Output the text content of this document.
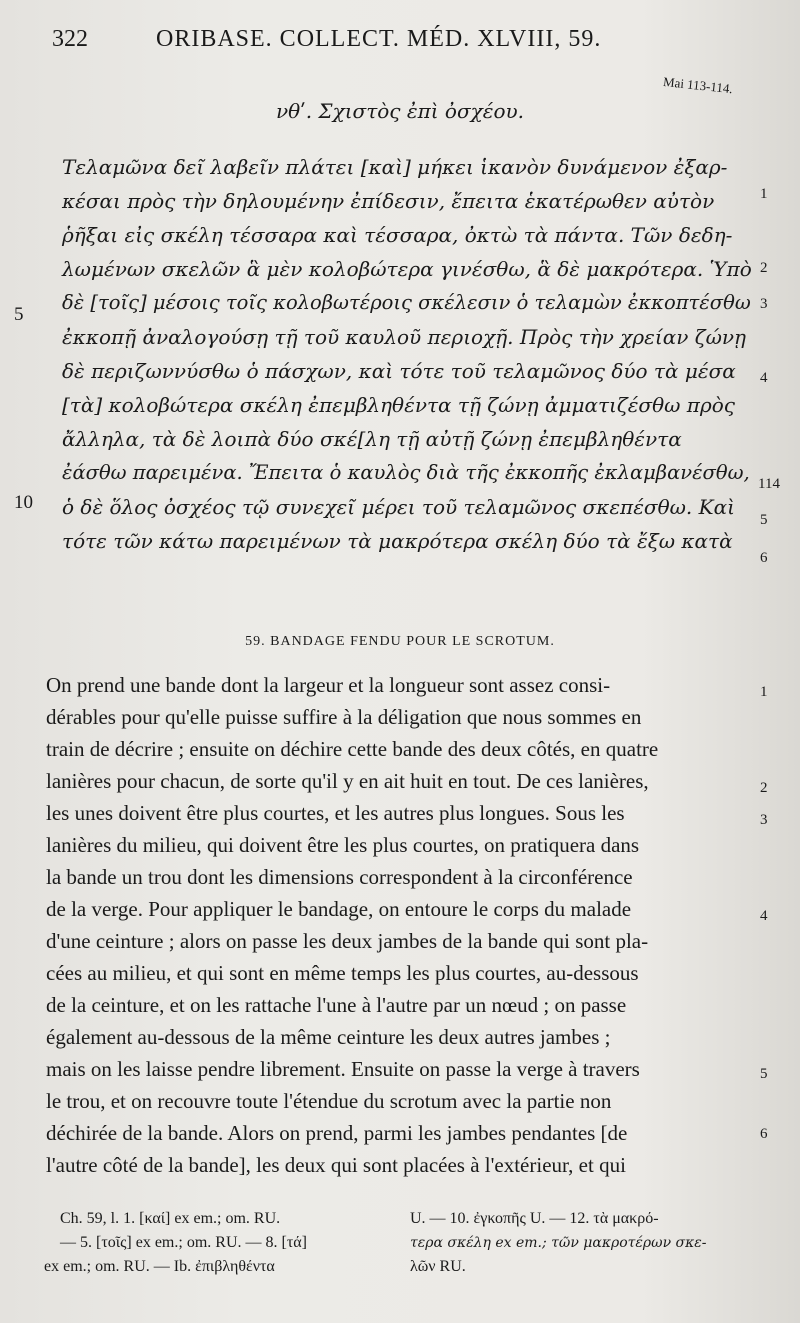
322	ORIBASE. COLLECT. MÉD. XLVIII, 59.
Mai 113-114.
νθʹ. Σχιστὸς ἐπὶ ὀσχέου.
Τελαμῶνα δεῖ λαβεῖν πλάτει [καὶ] μήκει ἱκανὸν δυνάμενον ἐξαρ-
κέσαι πρὸς τὴν δηλουμένην ἐπίδεσιν, ἔπειτα ἑκατέρωθεν αὐτὸν
ῥῆξαι εἰς σκέλη τέσσαρα καὶ τέσσαρα, ὀκτὼ τὰ πάντα. Τῶν δεδη-
λωμένων σκελῶν ἃ μὲν κολοβώτερα γινέσθω, ἃ δὲ μακρότερα. Ὑπὸ
δὲ [τοῖς] μέσοις τοῖς κολοβωτέροις σκέλεσιν ὁ τελαμὼν ἐκκοπτέσθω
ἐκκοπῇ ἀναλογούσῃ τῇ τοῦ καυλοῦ περιοχῇ. Πρὸς τὴν χρείαν ζώνῃ
δὲ περιζωννύσθω ὁ πάσχων, καὶ τότε τοῦ τελαμῶνος δύο τὰ μέσα
[τὰ] κολοβώτερα σκέλη ἐπεμβληθέντα τῇ ζώνῃ ἀμματιζέσθω πρὸς
ἄλληλα, τὰ δὲ λοιπὰ δύο σκέ[λη τῇ αὐτῇ ζώνῃ ἐπεμβληθέντα
ἐάσθω παρειμένα. Ἔπειτα ὁ καυλὸς διὰ τῆς ἐκκοπῆς ἐκλαμβανέσθω,
ὁ δὲ ὅλος ὀσχέος τῷ συνεχεῖ μέρει τοῦ τελαμῶνος σκεπέσθω. Καὶ
τότε τῶν κάτω παρειμένων τὰ μακρότερα σκέλη δύο τὰ ἔξω κατὰ
5
10
1
2
3
4
114
5
6
59. BANDAGE FENDU POUR LE SCROTUM.
On prend une bande dont la largeur et la longueur sont assez consi-
dérables pour qu'elle puisse suffire à la déligation que nous sommes en
train de décrire ; ensuite on déchire cette bande des deux côtés, en quatre
lanières pour chacun, de sorte qu'il y en ait huit en tout. De ces lanières,
les unes doivent être plus courtes, et les autres plus longues. Sous les
lanières du milieu, qui doivent être les plus courtes, on pratiquera dans
la bande un trou dont les dimensions correspondent à la circonférence
de la verge. Pour appliquer le bandage, on entoure le corps du malade
d'une ceinture ; alors on passe les deux jambes de la bande qui sont pla-
cées au milieu, et qui sont en même temps les plus courtes, au-dessous
de la ceinture, et on les rattache l'une à l'autre par un nœud ; on passe
également au-dessous de la même ceinture les deux autres jambes ;
mais on les laisse pendre librement. Ensuite on passe la verge à travers
le trou, et on recouvre toute l'étendue du scrotum avec la partie non
déchirée de la bande. Alors on prend, parmi les jambes pendantes [de
l'autre côté de la bande], les deux qui sont placées à l'extérieur, et qui
1
2
3
4
5
6
Ch. 59, l. 1. [καί] ex em.; om. RU.
— 5. [τοῖς] ex em.; om. RU. — 8. [τά]
ex em.; om. RU. — Ib. ἐπιβληθέντα
U. — 10. ἐγκοπῆς U. — 12. τὰ μακρό-
τερα σκέλη ex em.; τῶν μακροτέρων σκε-
λῶν RU.
